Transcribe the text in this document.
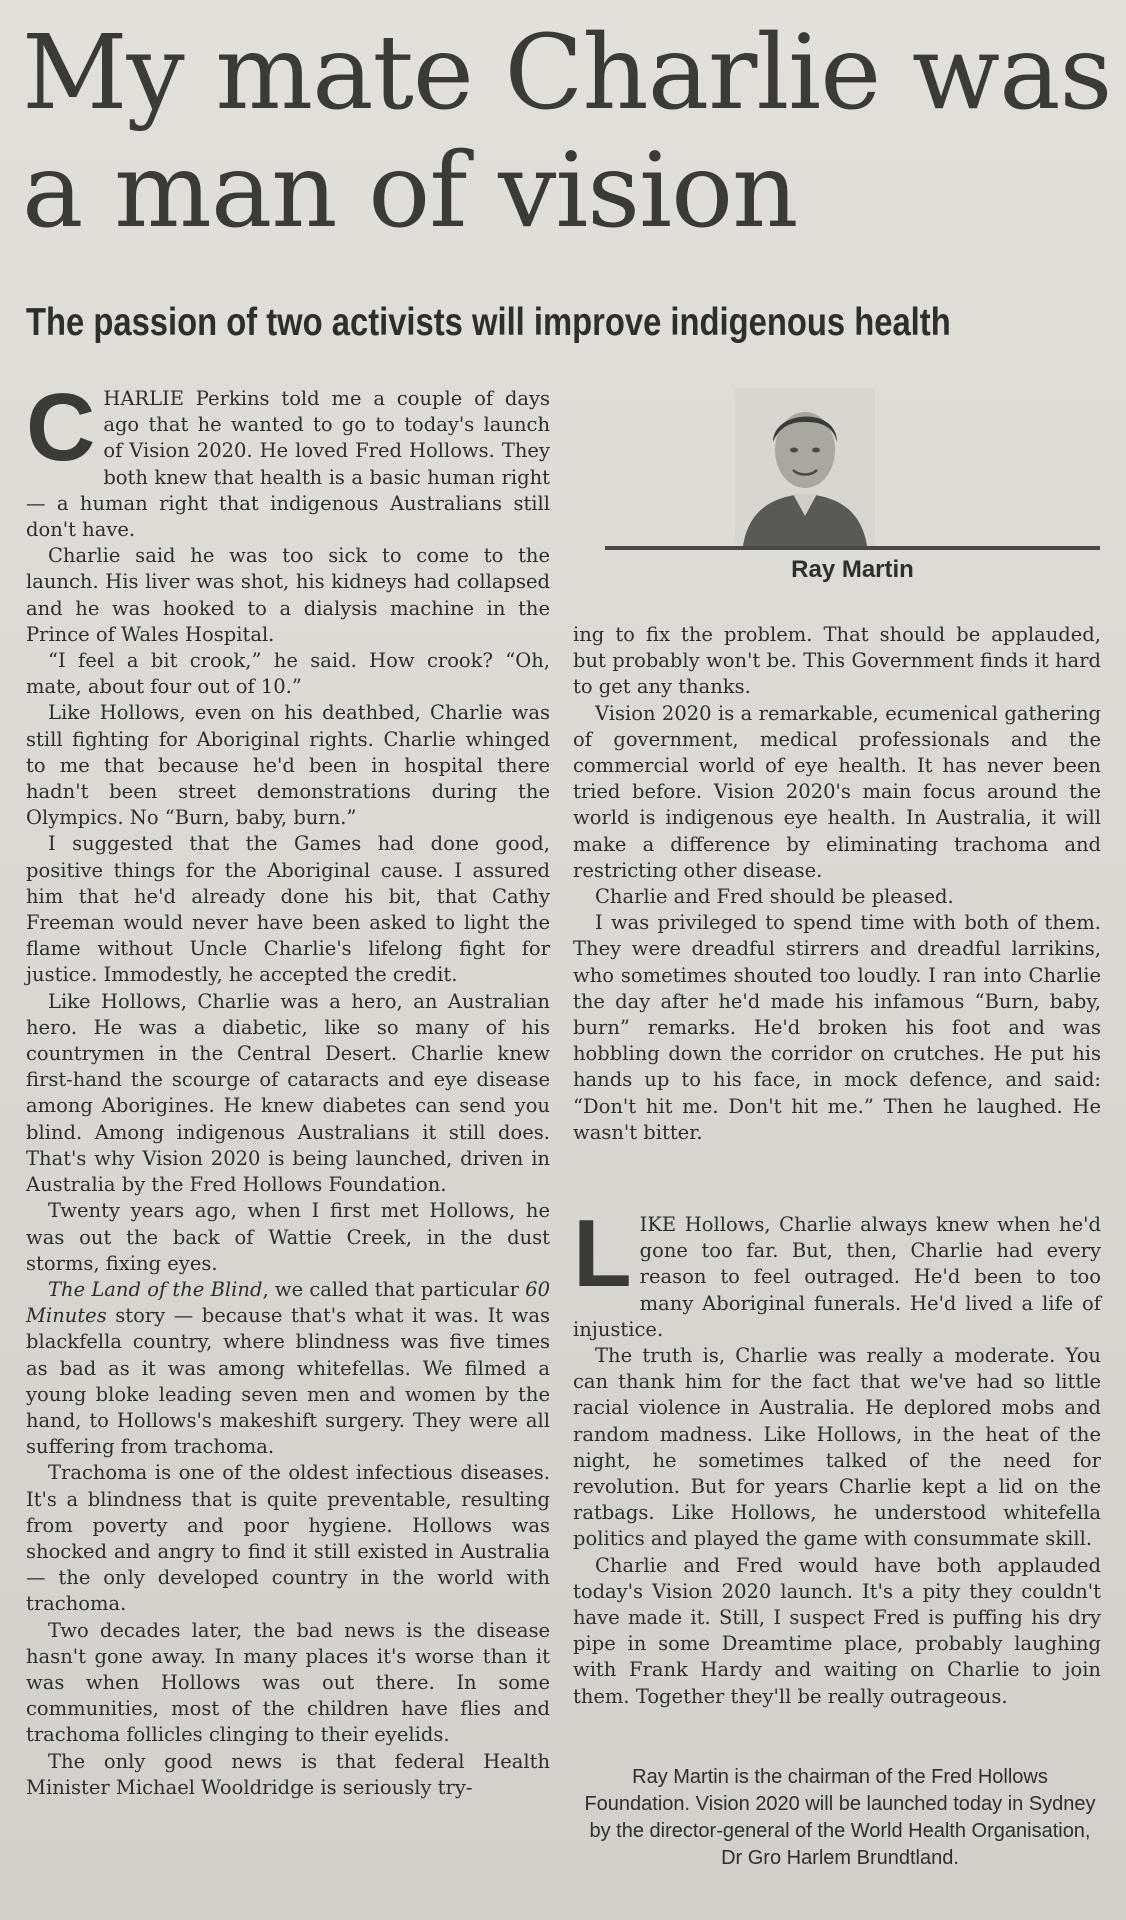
My mate Charlie was a man of vision
The passion of two activists will improve indigenous health

CHARLIE Perkins told me a couple of days ago that he wanted to go to today's launch of Vision 2020. He loved Fred Hollows. They both knew that health is a basic human right — a human right that indigenous Australians still don't have.

Charlie said he was too sick to come to the launch. His liver was shot, his kidneys had collapsed and he was hooked to a dialysis machine in the Prince of Wales Hospital.

“I feel a bit crook,” he said. How crook? “Oh, mate, about four out of 10.”

Like Hollows, even on his deathbed, Charlie was still fighting for Aboriginal rights. Charlie whinged to me that because he'd been in hospital there hadn't been street demonstrations during the Olympics. No “Burn, baby, burn.”

I suggested that the Games had done good, positive things for the Aboriginal cause. I assured him that he'd already done his bit, that Cathy Freeman would never have been asked to light the flame without Uncle Charlie's lifelong fight for justice. Immodestly, he accepted the credit.

Like Hollows, Charlie was a hero, an Australian hero. He was a diabetic, like so many of his countrymen in the Central Desert. Charlie knew first-hand the scourge of cataracts and eye disease among Aborigines. He knew diabetes can send you blind. Among indigenous Australians it still does. That's why Vision 2020 is being launched, driven in Australia by the Fred Hollows Foundation.

Twenty years ago, when I first met Hollows, he was out the back of Wattie Creek, in the dust storms, fixing eyes.

The Land of the Blind, we called that particular 60 Minutes story — because that's what it was. It was blackfella country, where blindness was five times as bad as it was among whitefellas. We filmed a young bloke leading seven men and women by the hand, to Hollows's makeshift surgery. They were all suffering from trachoma.

Trachoma is one of the oldest infectious diseases. It's a blindness that is quite preventable, resulting from poverty and poor hygiene. Hollows was shocked and angry to find it still existed in Australia — the only developed country in the world with trachoma.

Two decades later, the bad news is the disease hasn't gone away. In many places it's worse than it was when Hollows was out there. In some communities, most of the children have flies and trachoma follicles clinging to their eyelids.

The only good news is that federal Health Minister Michael Wooldridge is seriously try-

Ray Martin

ing to fix the problem. That should be applauded, but probably won't be. This Government finds it hard to get any thanks.

Vision 2020 is a remarkable, ecumenical gathering of government, medical professionals and the commercial world of eye health. It has never been tried before. Vision 2020's main focus around the world is indigenous eye health. In Australia, it will make a difference by eliminating trachoma and restricting other disease.

Charlie and Fred should be pleased.

I was privileged to spend time with both of them. They were dreadful stirrers and dreadful larrikins, who sometimes shouted too loudly. I ran into Charlie the day after he'd made his infamous “Burn, baby, burn” remarks. He'd broken his foot and was hobbling down the corridor on crutches. He put his hands up to his face, in mock defence, and said: “Don't hit me. Don't hit me.” Then he laughed. He wasn't bitter.

LIKE Hollows, Charlie always knew when he'd gone too far. But, then, Charlie had every reason to feel outraged. He'd been to too many Aboriginal funerals. He'd lived a life of injustice.

The truth is, Charlie was really a moderate. You can thank him for the fact that we've had so little racial violence in Australia. He deplored mobs and random madness. Like Hollows, in the heat of the night, he sometimes talked of the need for revolution. But for years Charlie kept a lid on the ratbags. Like Hollows, he understood whitefella politics and played the game with consummate skill.

Charlie and Fred would have both applauded today's Vision 2020 launch. It's a pity they couldn't have made it. Still, I suspect Fred is puffing his dry pipe in some Dreamtime place, probably laughing with Frank Hardy and waiting on Charlie to join them. Together they'll be really outrageous.

Ray Martin is the chairman of the Fred Hollows Foundation. Vision 2020 will be launched today in Sydney by the director-general of the World Health Organisation, Dr Gro Harlem Brundtland.
